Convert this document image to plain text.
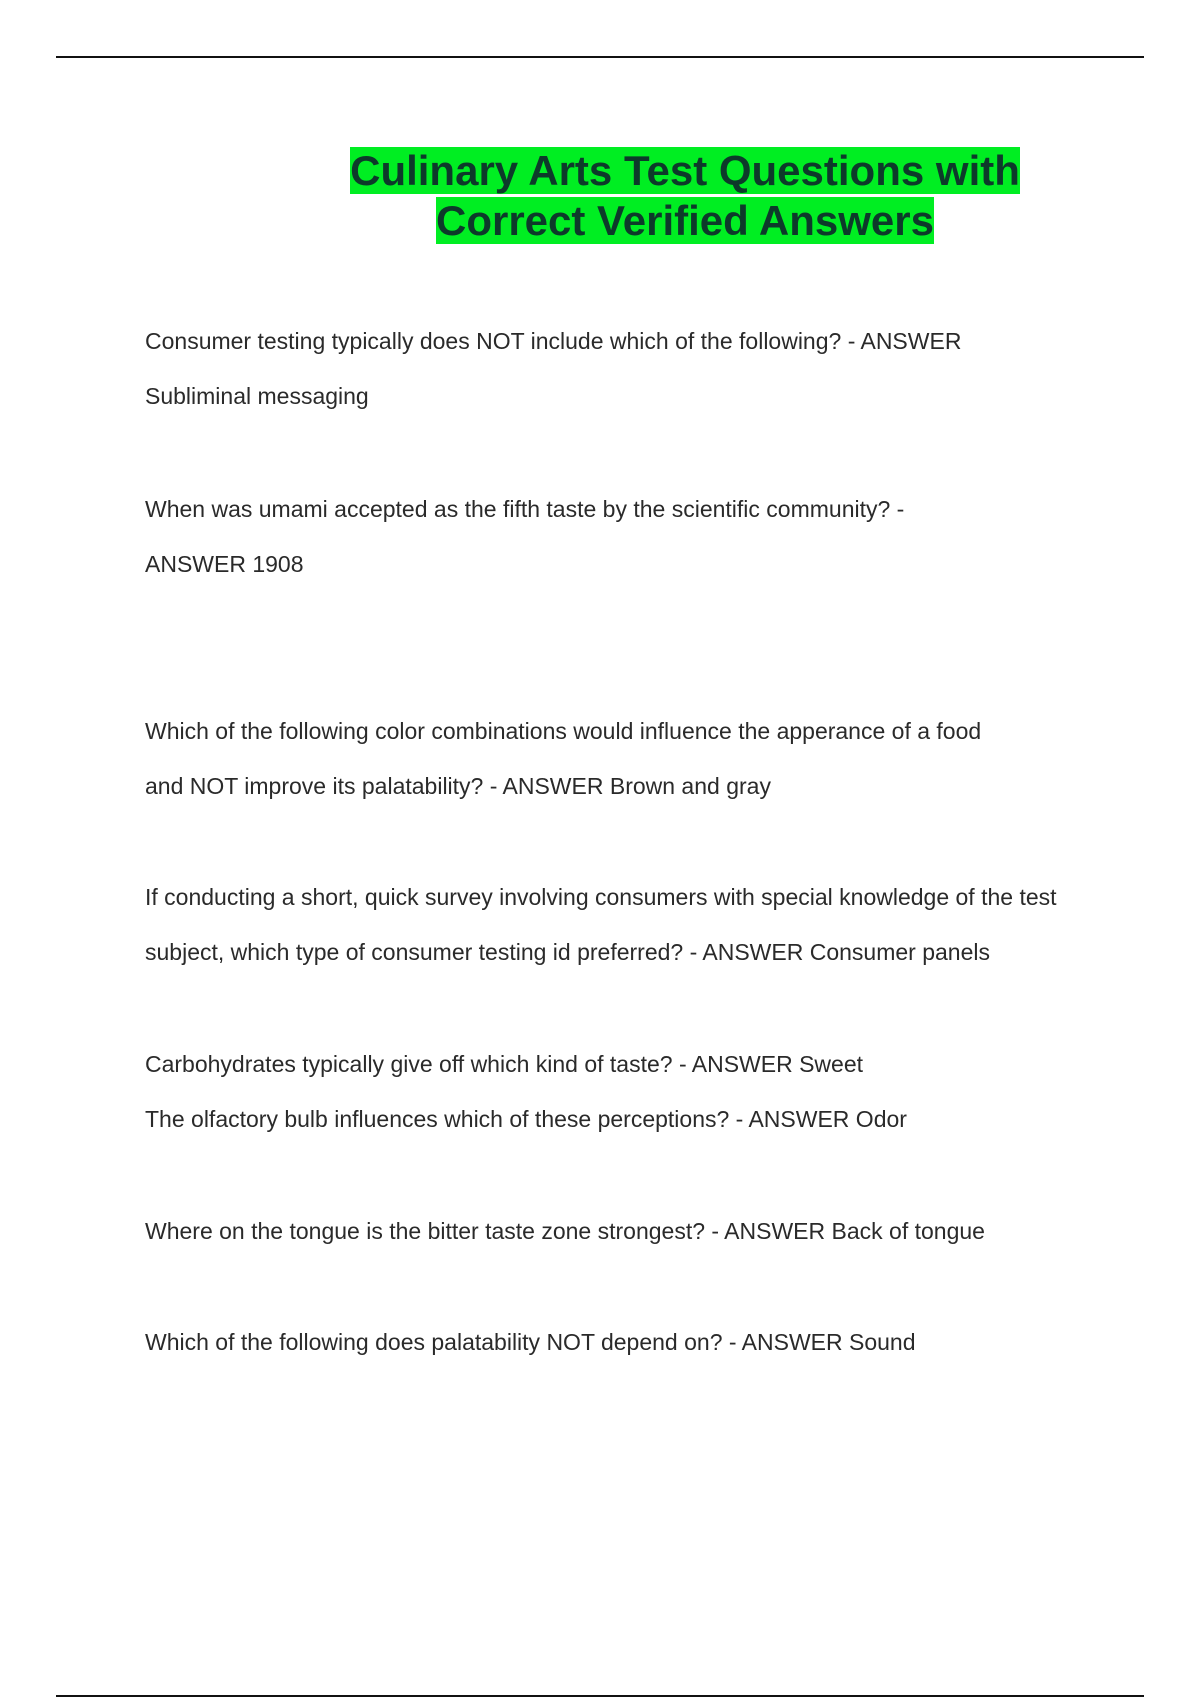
Culinary Arts Test Questions with
Correct Verified Answers

Consumer testing typically does NOT include which of the following? - ANSWER
Subliminal messaging

When was umami accepted as the fifth taste by the scientific community? -
ANSWER 1908

Which of the following color combinations would influence the apperance of a food
and NOT improve its palatability? - ANSWER Brown and gray

If conducting a short, quick survey involving consumers with special knowledge of the test
subject, which type of consumer testing id preferred? - ANSWER Consumer panels

Carbohydrates typically give off which kind of taste? - ANSWER Sweet
The olfactory bulb influences which of these perceptions? - ANSWER Odor

Where on the tongue is the bitter taste zone strongest? - ANSWER Back of tongue

Which of the following does palatability NOT depend on? - ANSWER Sound
